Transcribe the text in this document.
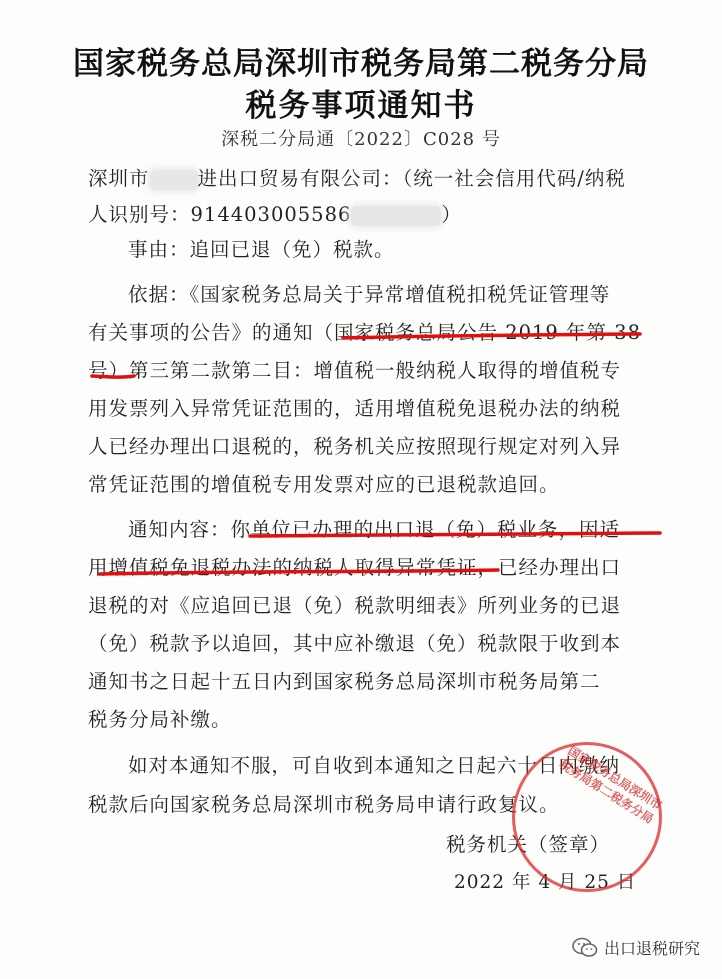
国家税务总局深圳市税务局第二税务分局
税务事项通知书
深税二分局通〔2022〕C028 号
深圳市 进出口贸易有限公司：（统一社会信用代码/纳税
人识别号：914403005586	）
事由：追回已退（免）税款。
依据：《国家税务总局关于异常增值税扣税凭证管理等
有关事项的公告》的通知（国家税务总局公告 2019 年第 38
号）第三第二款第二目：增值税一般纳税人取得的增值税专
用发票列入异常凭证范围的，适用增值税免退税办法的纳税
人已经办理出口退税的，税务机关应按照现行规定对列入异
常凭证范围的增值税专用发票对应的已退税款追回。
通知内容：你单位已办理的出口退（免）税业务，因适
用增值税免退税办法的纳税人取得异常凭证，已经办理出口
退税的对《应追回已退（免）税款明细表》所列业务的已退
（免）税款予以追回，其中应补缴退（免）税款限于收到本
通知书之日起十五日内到国家税务总局深圳市税务局第二
税务分局补缴。
如对本通知不服，可自收到本通知之日起六十日内缴纳
税款后向国家税务总局深圳市税务局申请行政复议。
税务机关（签章）
2022 年 4 月 25 日
国家税务总局深圳市税务局第二税务分局
出口退税研究
